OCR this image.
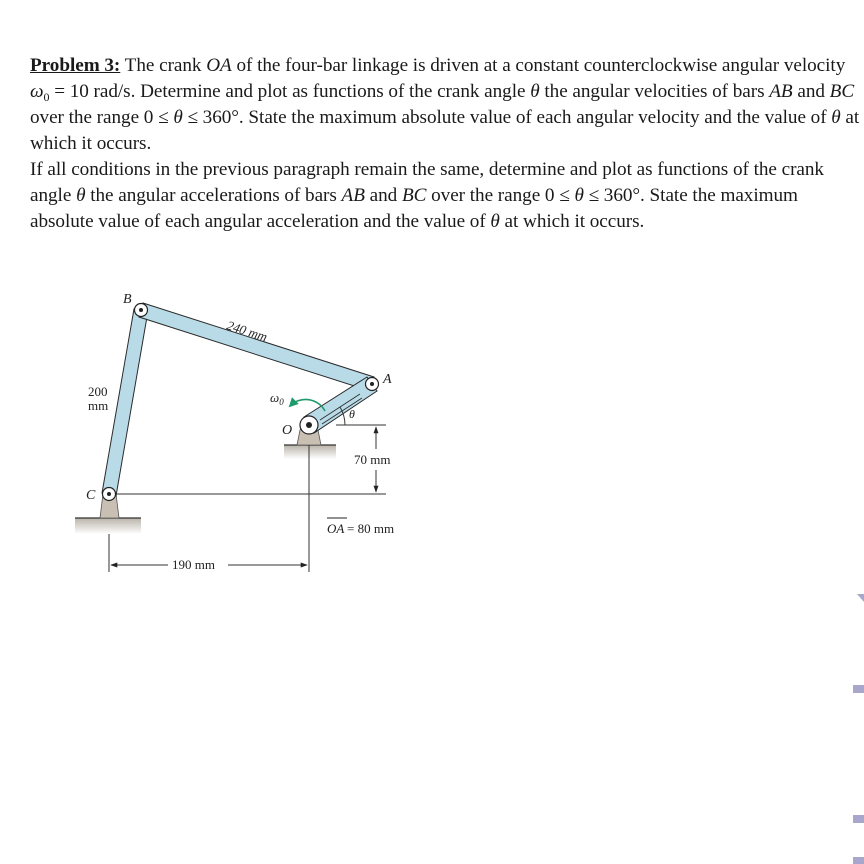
Problem 3: The crank OA of the four-bar linkage is driven at a constant counterclockwise angular velocity $\omega_0 = 10$ rad/s. Determine and plot as functions of the crank angle θ the angular velocities of bars AB and BC over the range 0 ≤ θ ≤ 360°. State the maximum absolute value of each angular velocity and the value of θ at which it occurs.

If all conditions in the previous paragraph remain the same, determine and plot as functions of the crank angle θ the angular accelerations of bars AB and BC over the range 0 ≤ θ ≤ 360°. State the maximum absolute value of each angular acceleration and the value of θ at which it occurs.

70 mm
190 mm
θ
$\omega_0$
B
A
O
C
240 mm
200
mm
OA = 80 mm
